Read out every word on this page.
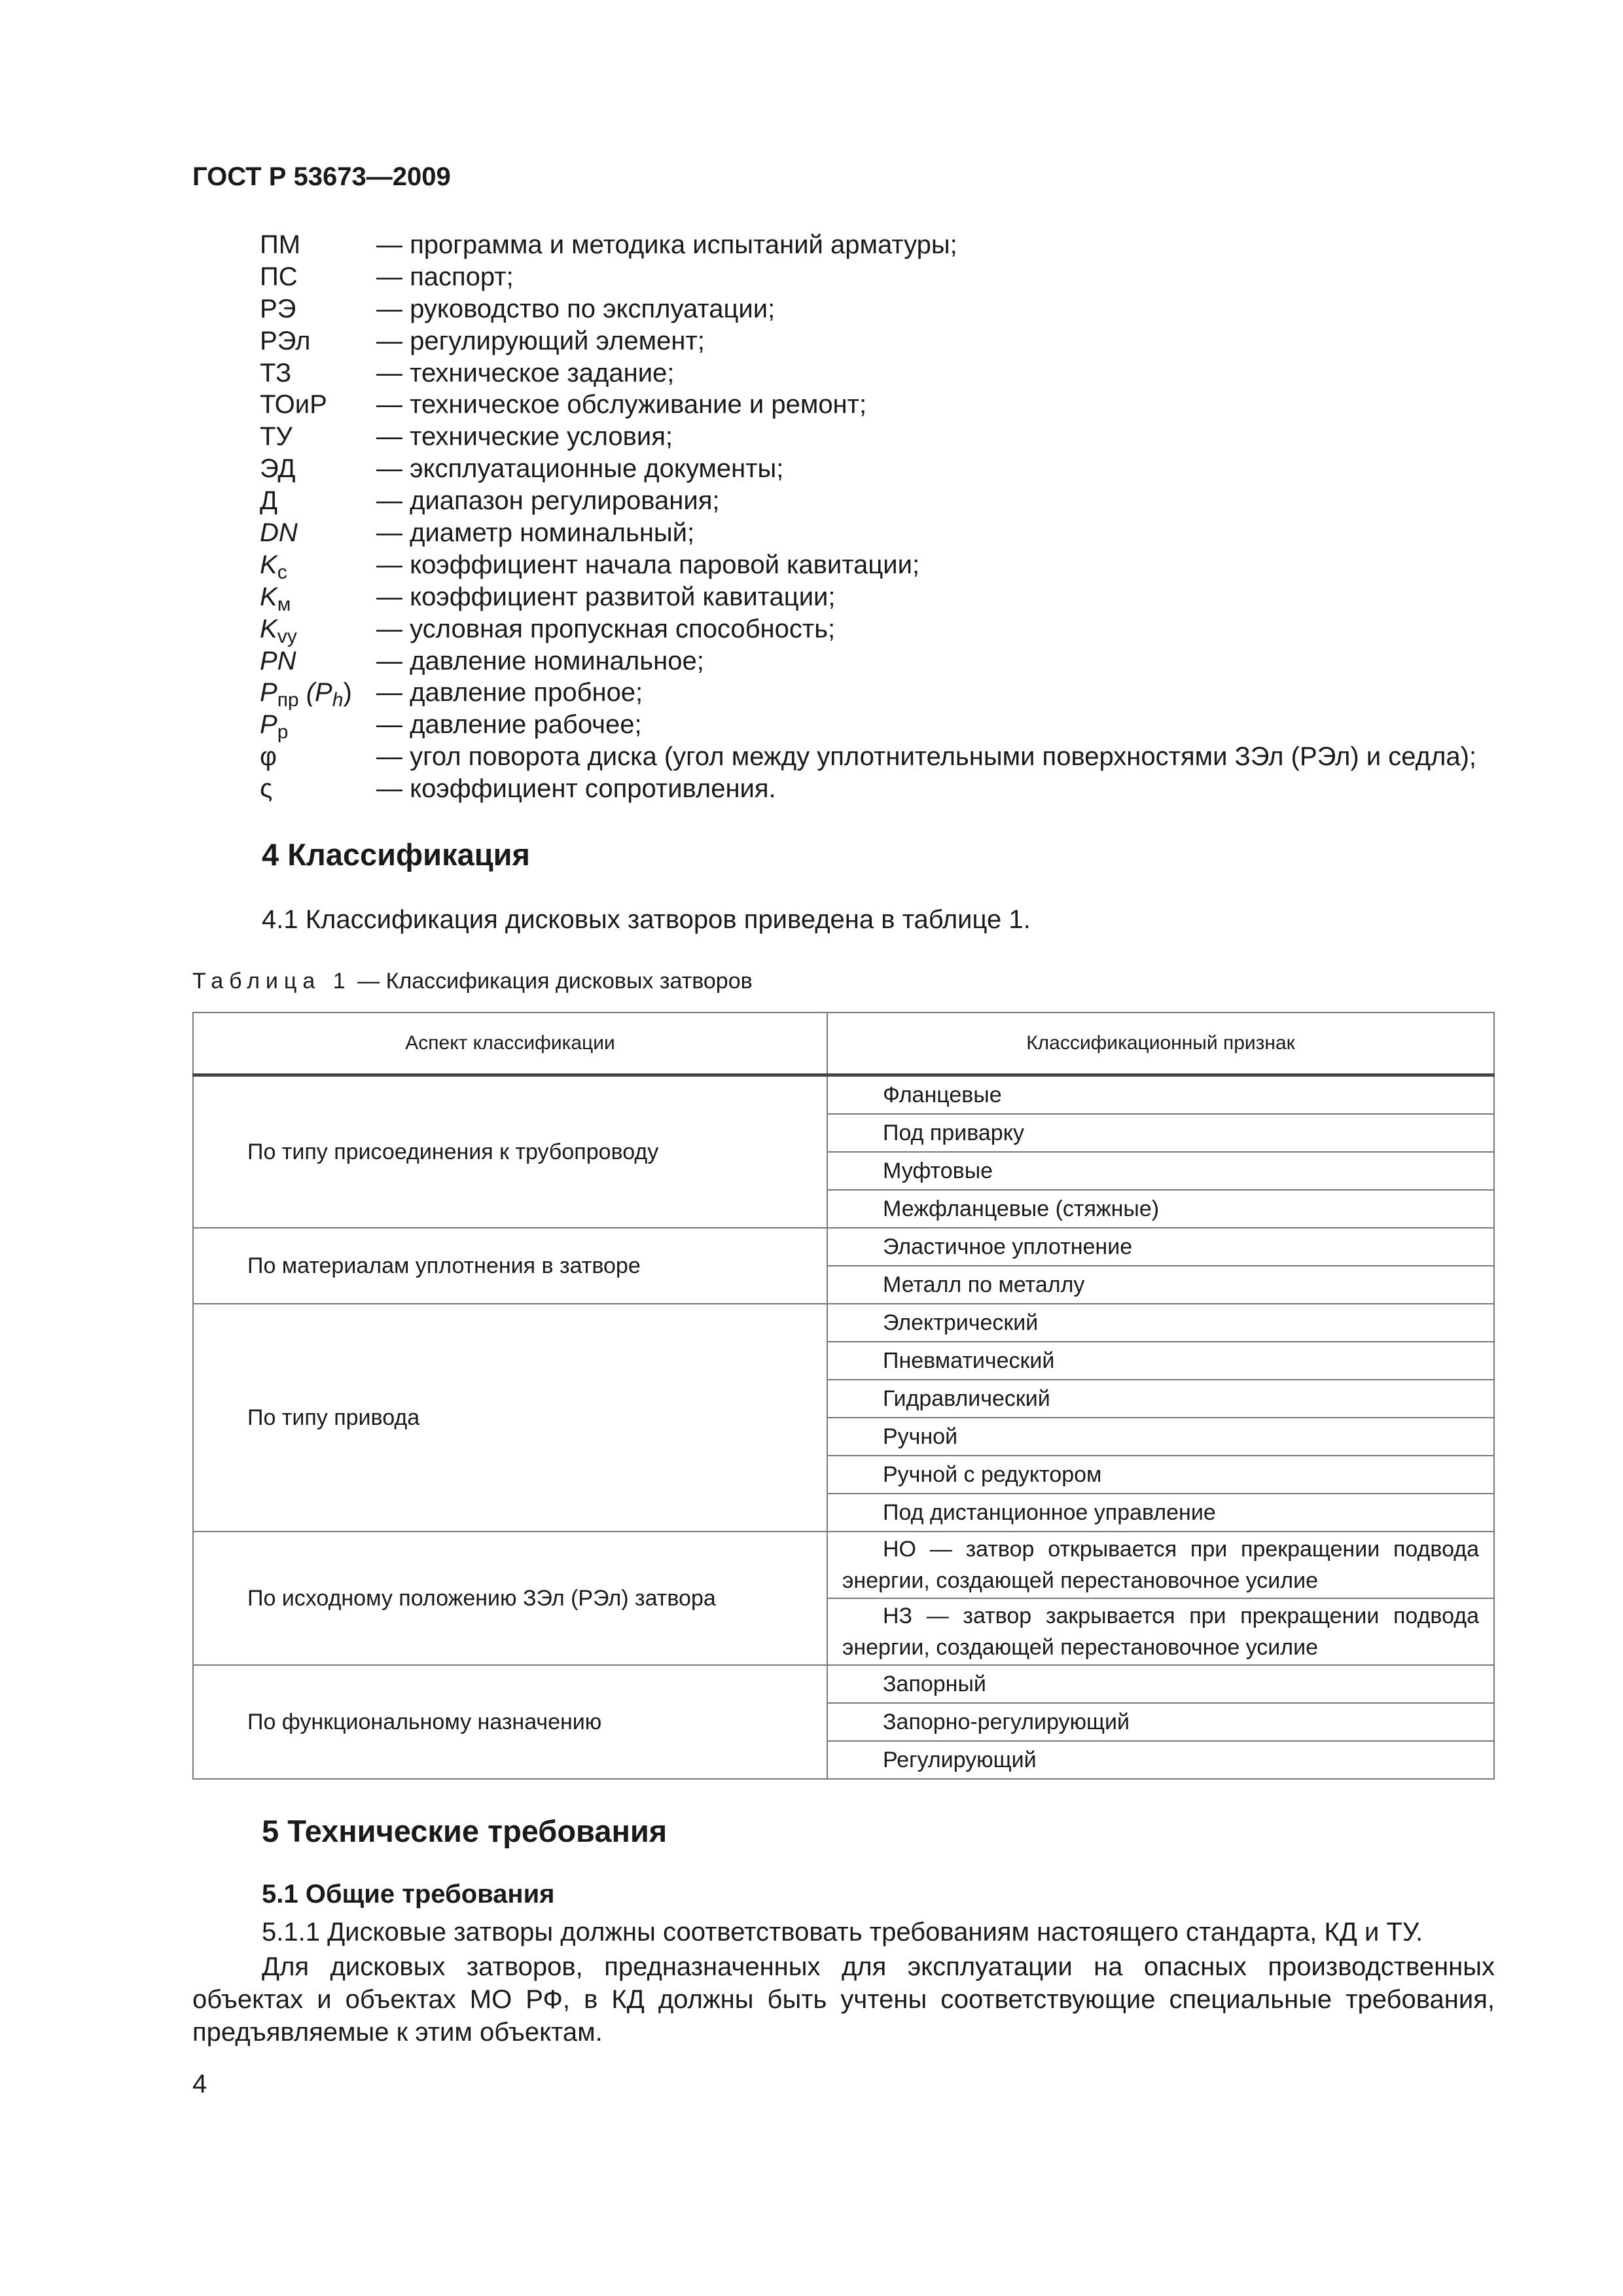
ГОСТ Р 53673—2009
ПМ	— программа и методика испытаний арматуры;
ПС	— паспорт;
РЭ	— руководство по эксплуатации;
РЭл	— регулирующий элемент;
ТЗ	— техническое задание;
ТОиР — техническое обслуживание и ремонт;
ТУ	— технические условия;
ЭД	— эксплуатационные документы;
Д	— диапазон регулирования;
DN	— диаметр номинальный;
$K_c$	— коэффициент начала паровой кавитации;
$K_м$	— коэффициент развитой кавитации;
$K_{vy}$	— условная пропускная способность;
PN	— давление номинальное;
$P_{пр}$ $(P_h)$ — давление пробное;
$P_p$	— давление рабочее;
φ	— угол поворота диска (угол между уплотнительными поверхностями ЗЭл (РЭл) и седла);
ς	— коэффициент сопротивления.
4 Классификация
4.1 Классификация дисковых затворов приведена в таблице 1.
Таблица 1 — Классификация дисковых затворов
Аспект классификации	Классификационный признак
По типу присоединения к трубопроводу	Фланцевые
	Под приварку
	Муфтовые
	Межфланцевые (стяжные)
По материалам уплотнения в затворе	Эластичное уплотнение
	Металл по металлу
По типу привода	Электрический
	Пневматический
	Гидравлический
	Ручной
	Ручной с редуктором
	Под дистанционное управление
По исходному положению ЗЭл (РЭл) затвора	НО — затвор открывается при прекращении подвода энергии, создающей перестановочное усилие
	НЗ — затвор закрывается при прекращении подвода энергии, создающей перестановочное усилие
По функциональному назначению	Запорный
	Запорно-регулирующий
	Регулирующий
5 Технические требования
5.1 Общие требования
5.1.1 Дисковые затворы должны соответствовать требованиям настоящего стандарта, КД и ТУ.
Для дисковых затворов, предназначенных для эксплуатации на опасных производственных объектах и объектах МО РФ, в КД должны быть учтены соответствующие специальные требования, предъявляемые к этим объектам.
4
